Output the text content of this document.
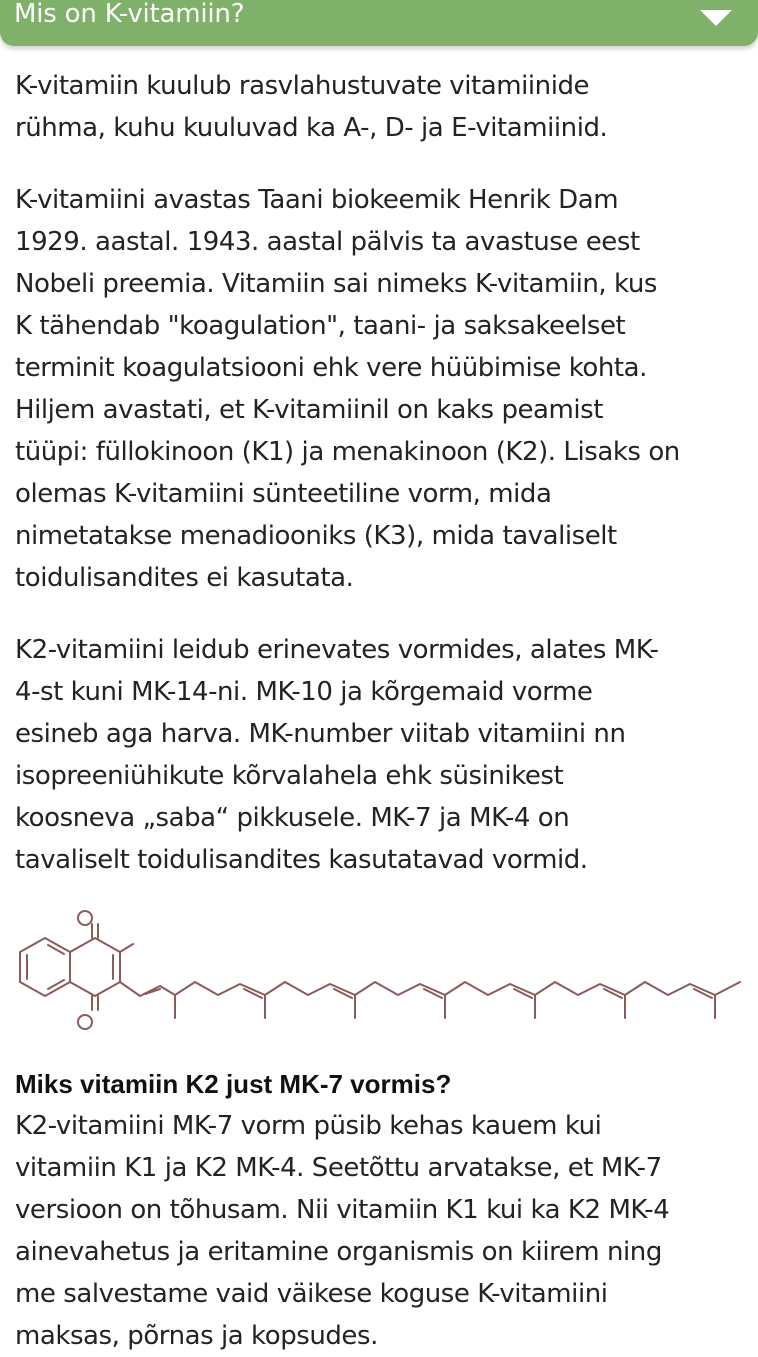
Mis on K-vitamiin?

K-vitamiin kuulub rasvlahustuvate vitamiinide
rühma, kuhu kuuluvad ka A-, D- ja E-vitamiinid.

K-vitamiini avastas Taani biokeemik Henrik Dam
1929. aastal. 1943. aastal pälvis ta avastuse eest
Nobeli preemia. Vitamiin sai nimeks K-vitamiin, kus
K tähendab "koagulation", taani- ja saksakeelset
terminit koagulatsiooni ehk vere hüübimise kohta.
Hiljem avastati, et K-vitamiinil on kaks peamist
tüüpi: füllokinoon (K1) ja menakinoon (K2). Lisaks on
olemas K-vitamiini sünteetiline vorm, mida
nimetatakse menadiooniks (K3), mida tavaliselt
toidulisandites ei kasutata.

K2-vitamiini leidub erinevates vormides, alates MK-
4-st kuni MK-14-ni. MK-10 ja kõrgemaid vorme
esineb aga harva. MK-number viitab vitamiini nn
isopreeniühikute kõrvalahela ehk süsinikest
koosneva „saba“ pikkusele. MK-7 ja MK-4 on
tavaliselt toidulisandites kasutatavad vormid.

Miks vitamiin K2 just MK-7 vormis?

K2-vitamiini MK-7 vorm püsib kehas kauem kui
vitamiin K1 ja K2 MK-4. Seetõttu arvatakse, et MK-7
versioon on tõhusam. Nii vitamiin K1 kui ka K2 MK-4
ainevahetus ja eritamine organismis on kiirem ning
me salvestame vaid väikese koguse K-vitamiini
maksas, põrnas ja kopsudes.
